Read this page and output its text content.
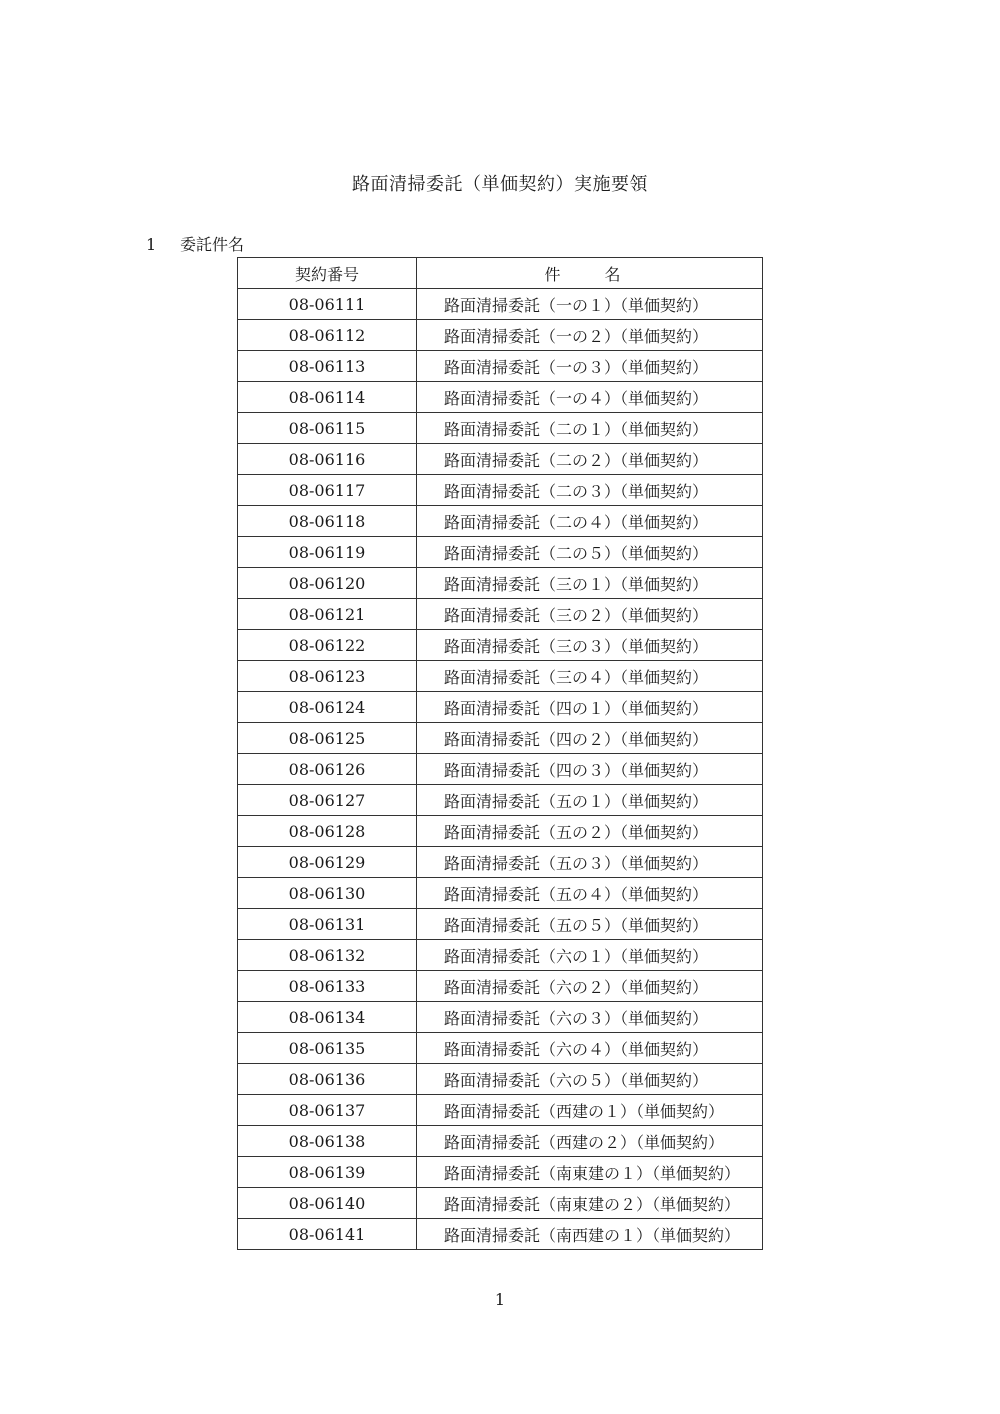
路面清掃委託（単価契約）実施要領
1 委託件名
契約番号	件　名
08-06111	路面清掃委託（一の１）（単価契約）
08-06112	路面清掃委託（一の２）（単価契約）
08-06113	路面清掃委託（一の３）（単価契約）
08-06114	路面清掃委託（一の４）（単価契約）
08-06115	路面清掃委託（二の１）（単価契約）
08-06116	路面清掃委託（二の２）（単価契約）
08-06117	路面清掃委託（二の３）（単価契約）
08-06118	路面清掃委託（二の４）（単価契約）
08-06119	路面清掃委託（二の５）（単価契約）
08-06120	路面清掃委託（三の１）（単価契約）
08-06121	路面清掃委託（三の２）（単価契約）
08-06122	路面清掃委託（三の３）（単価契約）
08-06123	路面清掃委託（三の４）（単価契約）
08-06124	路面清掃委託（四の１）（単価契約）
08-06125	路面清掃委託（四の２）（単価契約）
08-06126	路面清掃委託（四の３）（単価契約）
08-06127	路面清掃委託（五の１）（単価契約）
08-06128	路面清掃委託（五の２）（単価契約）
08-06129	路面清掃委託（五の３）（単価契約）
08-06130	路面清掃委託（五の４）（単価契約）
08-06131	路面清掃委託（五の５）（単価契約）
08-06132	路面清掃委託（六の１）（単価契約）
08-06133	路面清掃委託（六の２）（単価契約）
08-06134	路面清掃委託（六の３）（単価契約）
08-06135	路面清掃委託（六の４）（単価契約）
08-06136	路面清掃委託（六の５）（単価契約）
08-06137	路面清掃委託（西建の１）（単価契約）
08-06138	路面清掃委託（西建の２）（単価契約）
08-06139	路面清掃委託（南東建の１）（単価契約）
08-06140	路面清掃委託（南東建の２）（単価契約）
08-06141	路面清掃委託（南西建の１）（単価契約）
1
